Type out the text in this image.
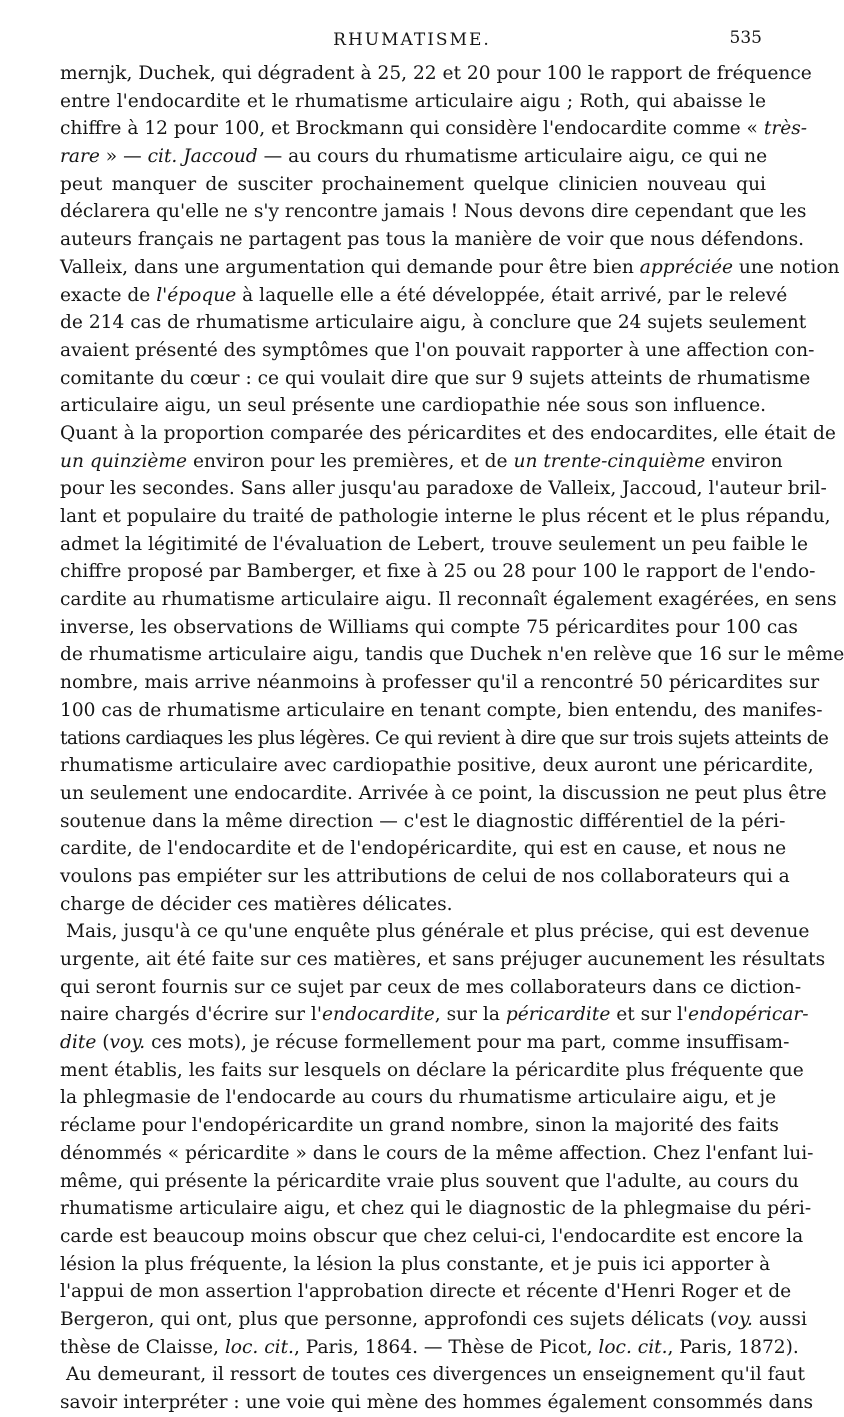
RHUMATISME.	535
mernjk, Duchek, qui dégradent à 25, 22 et 20 pour 100 le rapport de fréquence
entre l'endocardite et le rhumatisme articulaire aigu ; Roth, qui abaisse le
chiffre à 12 pour 100, et Brockmann qui considère l'endocardite comme « très-
rare » — cit. Jaccoud — au cours du rhumatisme articulaire aigu, ce qui ne
peut manquer de susciter prochainement quelque clinicien nouveau qui
déclarera qu'elle ne s'y rencontre jamais ! Nous devons dire cependant que les
auteurs français ne partagent pas tous la manière de voir que nous défendons.
Valleix, dans une argumentation qui demande pour être bien appréciée une notion
exacte de l'époque à laquelle elle a été développée, était arrivé, par le relevé
de 214 cas de rhumatisme articulaire aigu, à conclure que 24 sujets seulement
avaient présenté des symptômes que l'on pouvait rapporter à une affection con-
comitante du cœur : ce qui voulait dire que sur 9 sujets atteints de rhumatisme
articulaire aigu, un seul présente une cardiopathie née sous son influence.
Quant à la proportion comparée des péricardites et des endocardites, elle était de
un quinzième environ pour les premières, et de un trente-cinquième environ
pour les secondes. Sans aller jusqu'au paradoxe de Valleix, Jaccoud, l'auteur bril-
lant et populaire du traité de pathologie interne le plus récent et le plus répandu,
admet la légitimité de l'évaluation de Lebert, trouve seulement un peu faible le
chiffre proposé par Bamberger, et fixe à 25 ou 28 pour 100 le rapport de l'endo-
cardite au rhumatisme articulaire aigu. Il reconnaît également exagérées, en sens
inverse, les observations de Williams qui compte 75 péricardites pour 100 cas
de rhumatisme articulaire aigu, tandis que Duchek n'en relève que 16 sur le même
nombre, mais arrive néanmoins à professer qu'il a rencontré 50 péricardites sur
100 cas de rhumatisme articulaire en tenant compte, bien entendu, des manifes-
tations cardiaques les plus légères. Ce qui revient à dire que sur trois sujets atteints de
rhumatisme articulaire avec cardiopathie positive, deux auront une péricardite,
un seulement une endocardite. Arrivée à ce point, la discussion ne peut plus être
soutenue dans la même direction — c'est le diagnostic différentiel de la péri-
cardite, de l'endocardite et de l'endopéricardite, qui est en cause, et nous ne
voulons pas empiéter sur les attributions de celui de nos collaborateurs qui a
charge de décider ces matières délicates.
Mais, jusqu'à ce qu'une enquête plus générale et plus précise, qui est devenue
urgente, ait été faite sur ces matières, et sans préjuger aucunement les résultats
qui seront fournis sur ce sujet par ceux de mes collaborateurs dans ce diction-
naire chargés d'écrire sur l'endocardite, sur la péricardite et sur l'endopéricar-
dite (voy. ces mots), je récuse formellement pour ma part, comme insuffisam-
ment établis, les faits sur lesquels on déclare la péricardite plus fréquente que
la phlegmasie de l'endocarde au cours du rhumatisme articulaire aigu, et je
réclame pour l'endopéricardite un grand nombre, sinon la majorité des faits
dénommés « péricardite » dans le cours de la même affection. Chez l'enfant lui-
même, qui présente la péricardite vraie plus souvent que l'adulte, au cours du
rhumatisme articulaire aigu, et chez qui le diagnostic de la phlegmaise du péri-
carde est beaucoup moins obscur que chez celui-ci, l'endocardite est encore la
lésion la plus fréquente, la lésion la plus constante, et je puis ici apporter à
l'appui de mon assertion l'approbation directe et récente d'Henri Roger et de
Bergeron, qui ont, plus que personne, approfondi ces sujets délicats (voy. aussi
thèse de Claisse, loc. cit., Paris, 1864. — Thèse de Picot, loc. cit., Paris, 1872).
Au demeurant, il ressort de toutes ces divergences un enseignement qu'il faut
savoir interpréter : une voie qui mène des hommes également consommés dans
